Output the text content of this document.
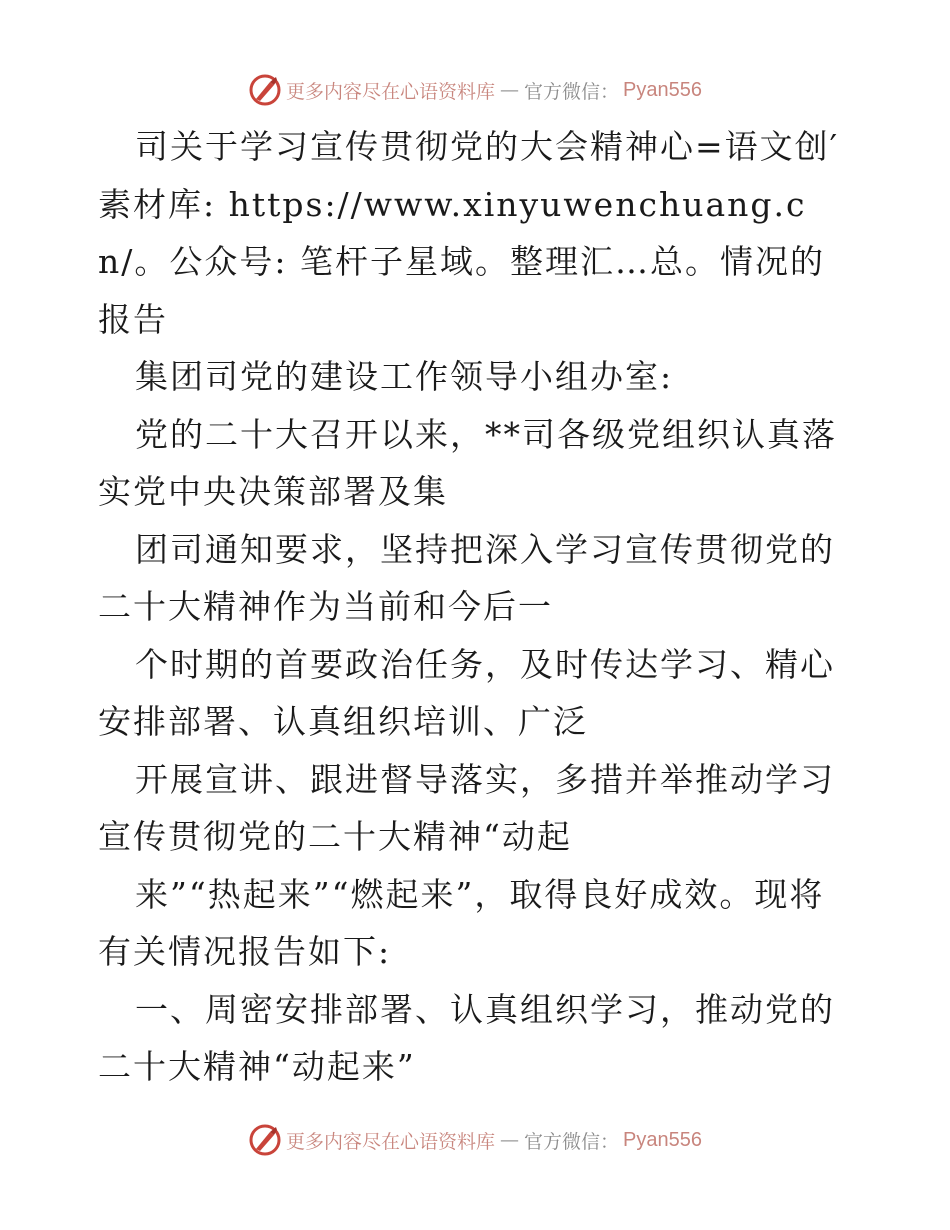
更多内容尽在心语资料库 — 官方微信： Pyan556

司关于学习宣传贯彻党的大会精神心=语文创′素材库: https://www.xinyuwenchuang.cn/。公众号: 笔杆子星域。整理汇…总。情况的报告

集团司党的建设工作领导小组办室:

党的二十大召开以来，**司各级党组织认真落实党中央决策部署及集

团司通知要求，坚持把深入学习宣传贯彻党的二十大精神作为当前和今后一

个时期的首要政治任务，及时传达学习、精心安排部署、认真组织培训、广泛

开展宣讲、跟进督导落实，多措并举推动学习宣传贯彻党的二十大精神“动起

来”“热起来”“燃起来”，取得良好成效。现将有关情况报告如下:

一、周密安排部署、认真组织学习，推动党的二十大精神“动起来”

更多内容尽在心语资料库 — 官方微信： Pyan556
